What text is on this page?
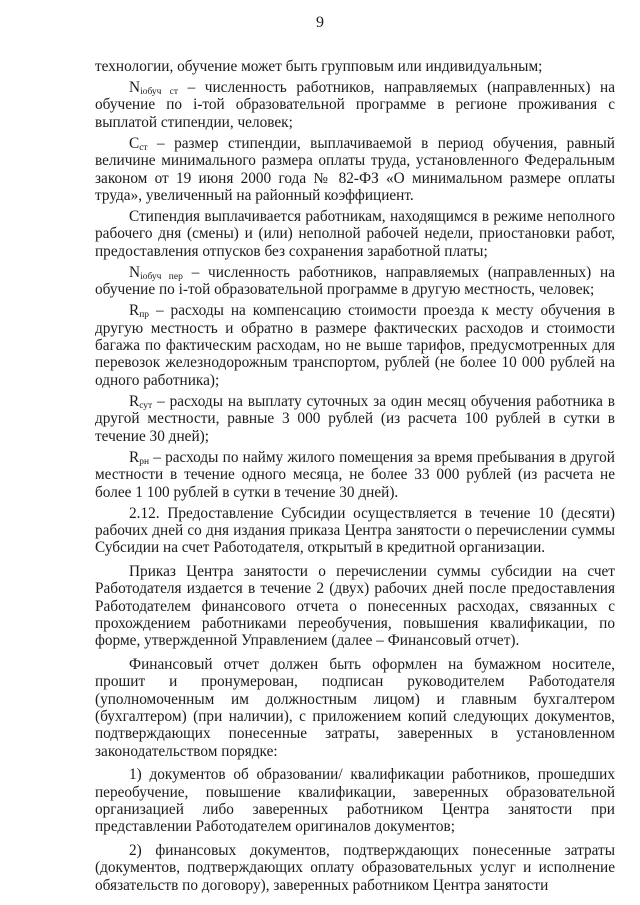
9

технологии, обучение может быть групповым или индивидуальным;

$N_{iобуч ст}$ – численность работников, направляемых (направленных) на обучение по i-той образовательной программе в регионе проживания с выплатой стипендии, человек;

$С_{ст}$ – размер стипендии, выплачиваемой в период обучения, равный величине минимального размера оплаты труда, установленного Федеральным законом от 19 июня 2000 года № 82-ФЗ «О минимальном размере оплаты труда», увеличенный на районный коэффициент.

Стипендия выплачивается работникам, находящимся в режиме неполного рабочего дня (смены) и (или) неполной рабочей недели, приостановки работ, предоставления отпусков без сохранения заработной платы;

$N_{iобуч пер}$ – численность работников, направляемых (направленных) на обучение по i-той образовательной программе в другую местность, человек;

$R_{пр}$ – расходы на компенсацию стоимости проезда к месту обучения в другую местность и обратно в размере фактических расходов и стоимости багажа по фактическим расходам, но не выше тарифов, предусмотренных для перевозок железнодорожным транспортом, рублей (не более 10 000 рублей на одного работника);

$R_{сут}$ – расходы на выплату суточных за один месяц обучения работника в другой местности, равные 3 000 рублей (из расчета 100 рублей в сутки в течение 30 дней);

$R_{рн}$ – расходы по найму жилого помещения за время пребывания в другой местности в течение одного месяца, не более 33 000 рублей (из расчета не более 1 100 рублей в сутки в течение 30 дней).

2.12. Предоставление Субсидии осуществляется в течение 10 (десяти) рабочих дней со дня издания приказа Центра занятости о перечислении суммы Субсидии на счет Работодателя, открытый в кредитной организации.

Приказ Центра занятости о перечислении суммы субсидии на счет Работодателя издается в течение 2 (двух) рабочих дней после предоставления Работодателем финансового отчета о понесенных расходах, связанных с прохождением работниками переобучения, повышения квалификации, по форме, утвержденной Управлением (далее – Финансовый отчет).

Финансовый отчет должен быть оформлен на бумажном носителе, прошит и пронумерован, подписан руководителем Работодателя (уполномоченным им должностным лицом) и главным бухгалтером (бухгалтером) (при наличии), с приложением копий следующих документов, подтверждающих понесенные затраты, заверенных в установленном законодательством порядке:

1) документов об образовании/ квалификации работников, прошедших переобучение, повышение квалификации, заверенных образовательной организацией либо заверенных работником Центра занятости при представлении Работодателем оригиналов документов;

2) финансовых документов, подтверждающих понесенные затраты (документов, подтверждающих оплату образовательных услуг и исполнение обязательств по договору), заверенных работником Центра занятости
